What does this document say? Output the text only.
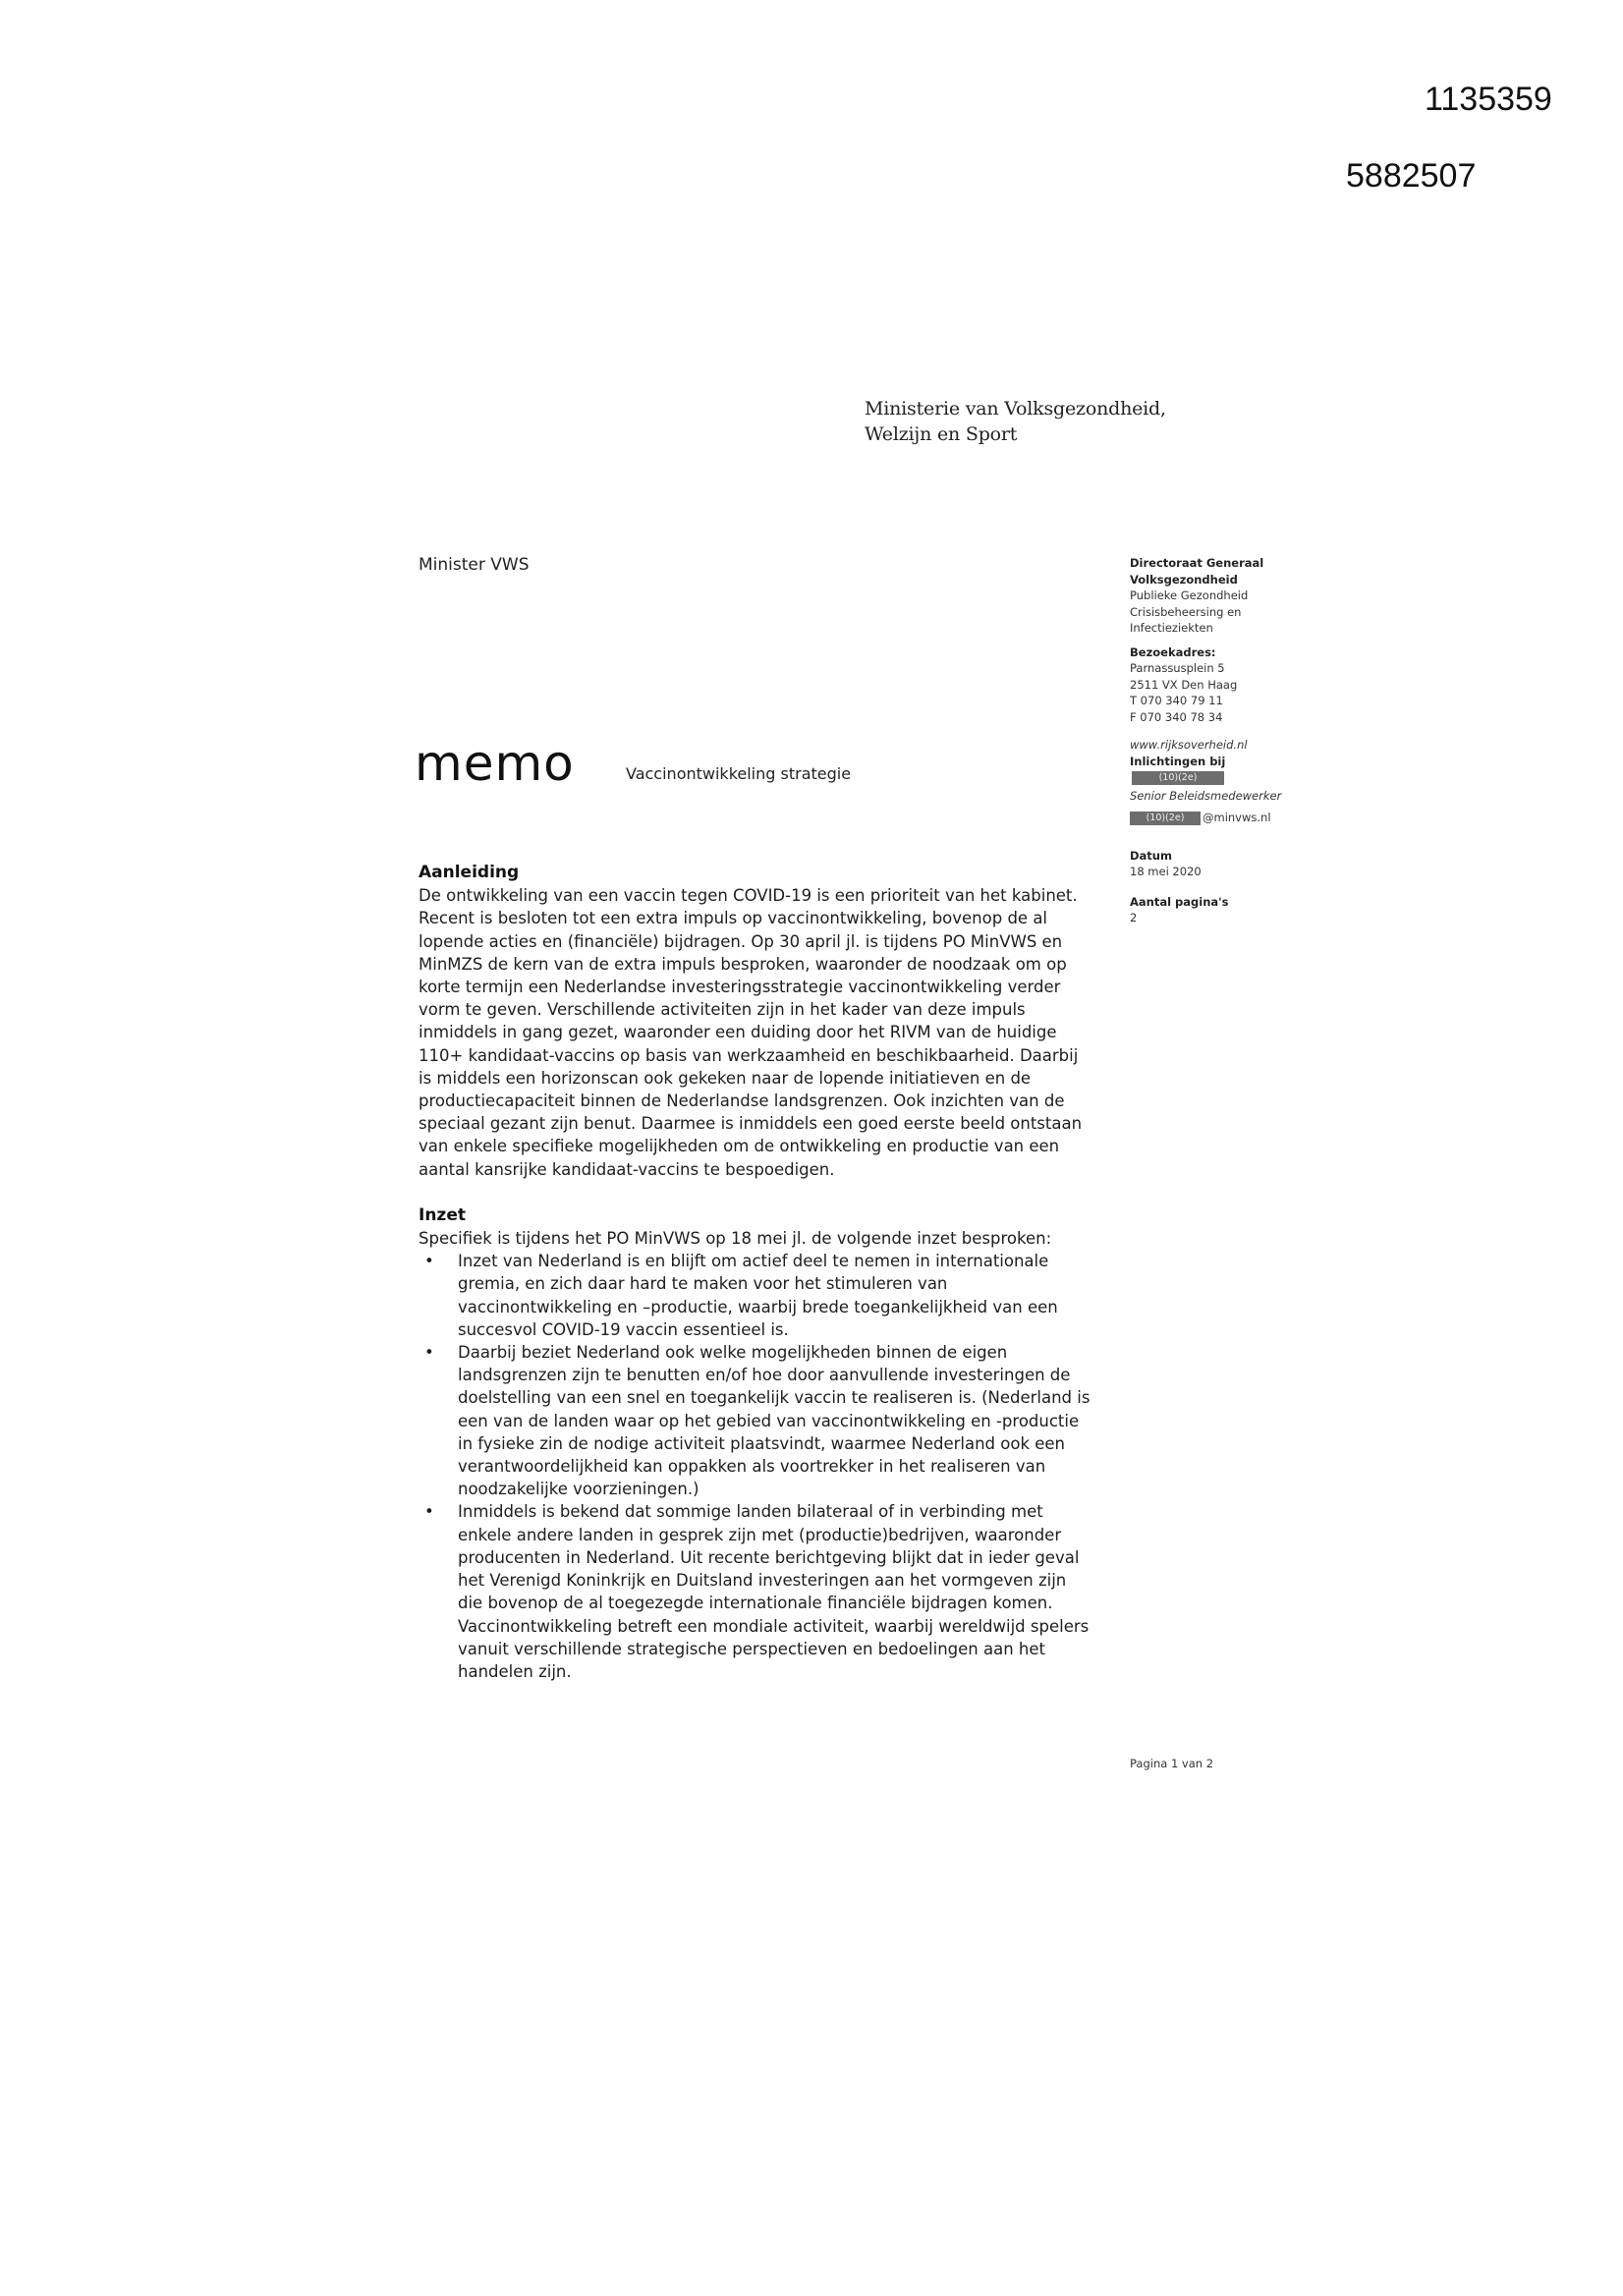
1135359
5882507
Ministerie van Volksgezondheid,
Welzijn en Sport
Minister VWS
memo	Vaccinontwikkeling strategie
Directoraat Generaal
Volksgezondheid
Publieke Gezondheid
Crisisbeheersing en
Infectieziekten
Bezoekadres:
Parnassusplein 5
2511 VX Den Haag
T 070 340 79 11
F 070 340 78 34
www.rijksoverheid.nl
Inlichtingen bij
(10)(2e)
Senior Beleidsmedewerker
(10)(2e) @minvws.nl
Datum
18 mei 2020
Aantal pagina's
2
Aanleiding
De ontwikkeling van een vaccin tegen COVID-19 is een prioriteit van het kabinet.
Recent is besloten tot een extra impuls op vaccinontwikkeling, bovenop de al
lopende acties en (financiële) bijdragen. Op 30 april jl. is tijdens PO MinVWS en
MinMZS de kern van de extra impuls besproken, waaronder de noodzaak om op
korte termijn een Nederlandse investeringsstrategie vaccinontwikkeling verder
vorm te geven. Verschillende activiteiten zijn in het kader van deze impuls
inmiddels in gang gezet, waaronder een duiding door het RIVM van de huidige
110+ kandidaat-vaccins op basis van werkzaamheid en beschikbaarheid. Daarbij
is middels een horizonscan ook gekeken naar de lopende initiatieven en de
productiecapaciteit binnen de Nederlandse landsgrenzen. Ook inzichten van de
speciaal gezant zijn benut. Daarmee is inmiddels een goed eerste beeld ontstaan
van enkele specifieke mogelijkheden om de ontwikkeling en productie van een
aantal kansrijke kandidaat-vaccins te bespoedigen.
Inzet
Specifiek is tijdens het PO MinVWS op 18 mei jl. de volgende inzet besproken:
• Inzet van Nederland is en blijft om actief deel te nemen in internationale
gremia, en zich daar hard te maken voor het stimuleren van
vaccinontwikkeling en –productie, waarbij brede toegankelijkheid van een
succesvol COVID-19 vaccin essentieel is.
• Daarbij beziet Nederland ook welke mogelijkheden binnen de eigen
landsgrenzen zijn te benutten en/of hoe door aanvullende investeringen de
doelstelling van een snel en toegankelijk vaccin te realiseren is. (Nederland is
een van de landen waar op het gebied van vaccinontwikkeling en -productie
in fysieke zin de nodige activiteit plaatsvindt, waarmee Nederland ook een
verantwoordelijkheid kan oppakken als voortrekker in het realiseren van
noodzakelijke voorzieningen.)
• Inmiddels is bekend dat sommige landen bilateraal of in verbinding met
enkele andere landen in gesprek zijn met (productie)bedrijven, waaronder
producenten in Nederland. Uit recente berichtgeving blijkt dat in ieder geval
het Verenigd Koninkrijk en Duitsland investeringen aan het vormgeven zijn
die bovenop de al toegezegde internationale financiële bijdragen komen.
Vaccinontwikkeling betreft een mondiale activiteit, waarbij wereldwijd spelers
vanuit verschillende strategische perspectieven en bedoelingen aan het
handelen zijn.
Pagina 1 van 2
